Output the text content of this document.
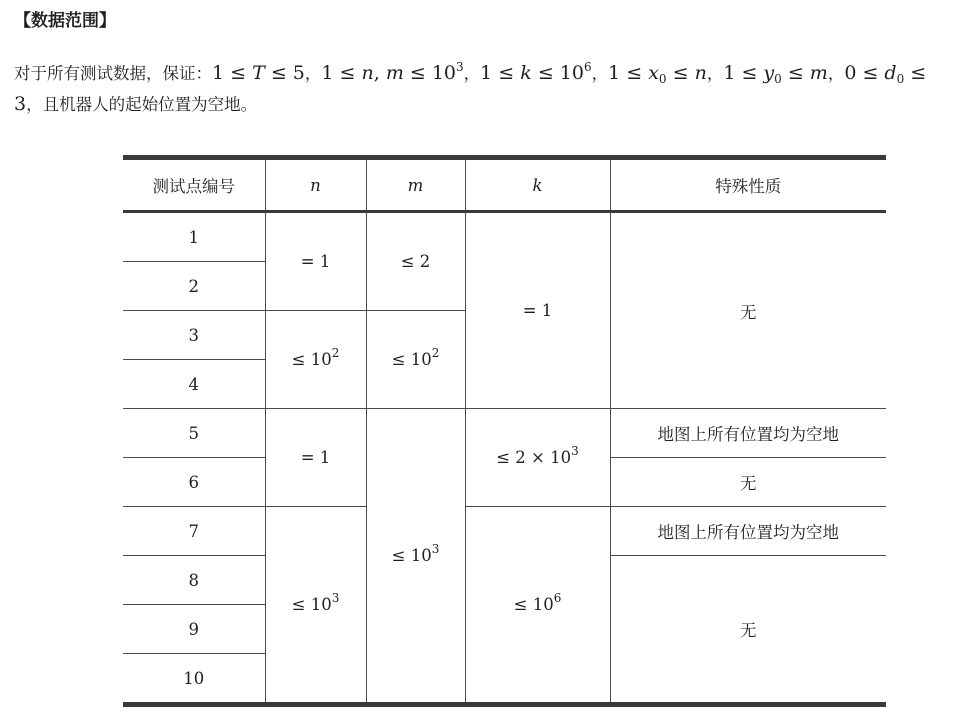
【数据范围】
对于所有测试数据，保证：1 ≤ T ≤ 5，1 ≤ n, $m \le 10^3$，$1 \le k \le 10^6$，$1 \le x_0 \le n$，$1 \le y_0 \le m$，$0 \le d_0 \le 3$，且机器人的起始位置为空地。
测试点编号	n	m	k	特殊性质
1	= 1	≤ 2	= 1	无
2				
3	≤ $10^2$	≤ $10^2$
4				
5	= 1	≤ $10^3$	≤ $2 \times 10^3$	地图上所有位置均为空地
6				无
7	≤ $10^3$		≤ $10^6$	地图上所有位置均为空地
8				无
9				
10				
